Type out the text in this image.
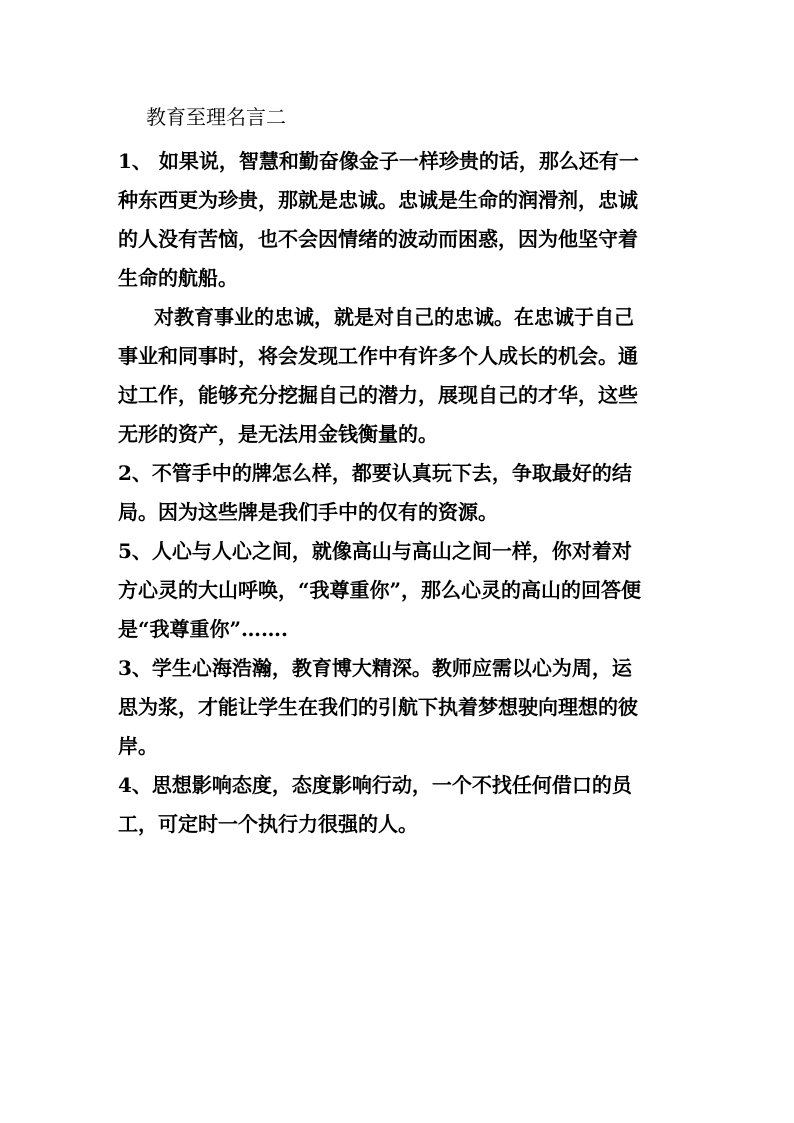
教育至理名言二
1、 如果说，智慧和勤奋像金子一样珍贵的话，那么还有一
种东西更为珍贵，那就是忠诚。忠诚是生命的润滑剂，忠诚
的人没有苦恼，也不会因情绪的波动而困惑，因为他坚守着
生命的航船。
对教育事业的忠诚，就是对自己的忠诚。在忠诚于自己
事业和同事时，将会发现工作中有许多个人成长的机会。通
过工作，能够充分挖掘自己的潜力，展现自己的才华，这些
无形的资产，是无法用金钱衡量的。
2、不管手中的牌怎么样，都要认真玩下去，争取最好的结
局。因为这些牌是我们手中的仅有的资源。
5、人心与人心之间，就像高山与高山之间一样，你对着对
方心灵的大山呼唤，“我尊重你”，那么心灵的高山的回答便
是“我尊重你”…….
3、学生心海浩瀚，教育博大精深。教师应需以心为周，运
思为浆，才能让学生在我们的引航下执着梦想驶向理想的彼
岸。
4、思想影响态度，态度影响行动，一个不找任何借口的员
工，可定时一个执行力很强的人。
